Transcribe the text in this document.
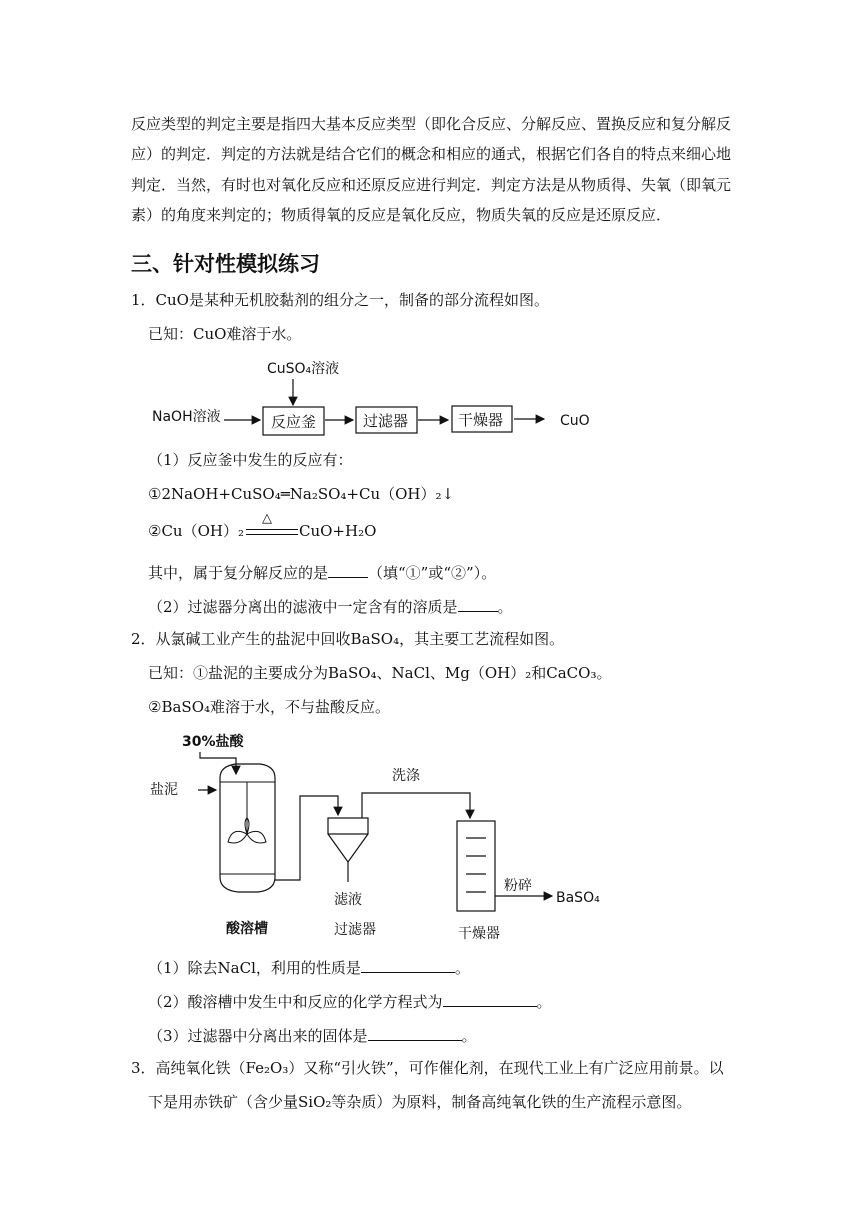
反应类型的判定主要是指四大基本反应类型（即化合反应、分解反应、置换反应和复分解反应）的判定．判定的方法就是结合它们的概念和相应的通式，根据它们各自的特点来细心地判定．当然，有时也对氧化反应和还原反应进行判定．判定方法是从物质得、失氧（即氧元素）的角度来判定的；物质得氧的反应是氧化反应，物质失氧的反应是还原反应．

三、针对性模拟练习

1．CuO是某种无机胶黏剂的组分之一，制备的部分流程如图。

已知：CuO难溶于水。

CuSO₄溶液
NaOH溶液	反应釜	过滤器	干燥器	CuO

（1）反应釜中发生的反应有：

①2NaOH+CuSO₄═Na₂SO₄+Cu（OH）₂↓

②Cu（OH）₂
△
CuO+H₂O

其中，属于复分解反应的是	（填“①”或“②”）。

（2）过滤器分离出的滤液中一定含有的溶质是	。

2．从氯碱工业产生的盐泥中回收BaSO₄，其主要工艺流程如图。

已知：①盐泥的主要成分为BaSO₄、NaCl、Mg（OH）₂和CaCO₃。

②BaSO₄难溶于水，不与盐酸反应。

30%盐酸
盐泥
滤液
洗涤
粉碎
BaSO₄
酸溶槽	过滤器	干燥器

（1）除去NaCl，利用的性质是	。

（2）酸溶槽中发生中和反应的化学方程式为	。

（3）过滤器中分离出来的固体是	。

3．高纯氧化铁（Fe₂O₃）又称“引火铁”，可作催化剂，在现代工业上有广泛应用前景。以

下是用赤铁矿（含少量SiO₂等杂质）为原料，制备高纯氧化铁的生产流程示意图。
